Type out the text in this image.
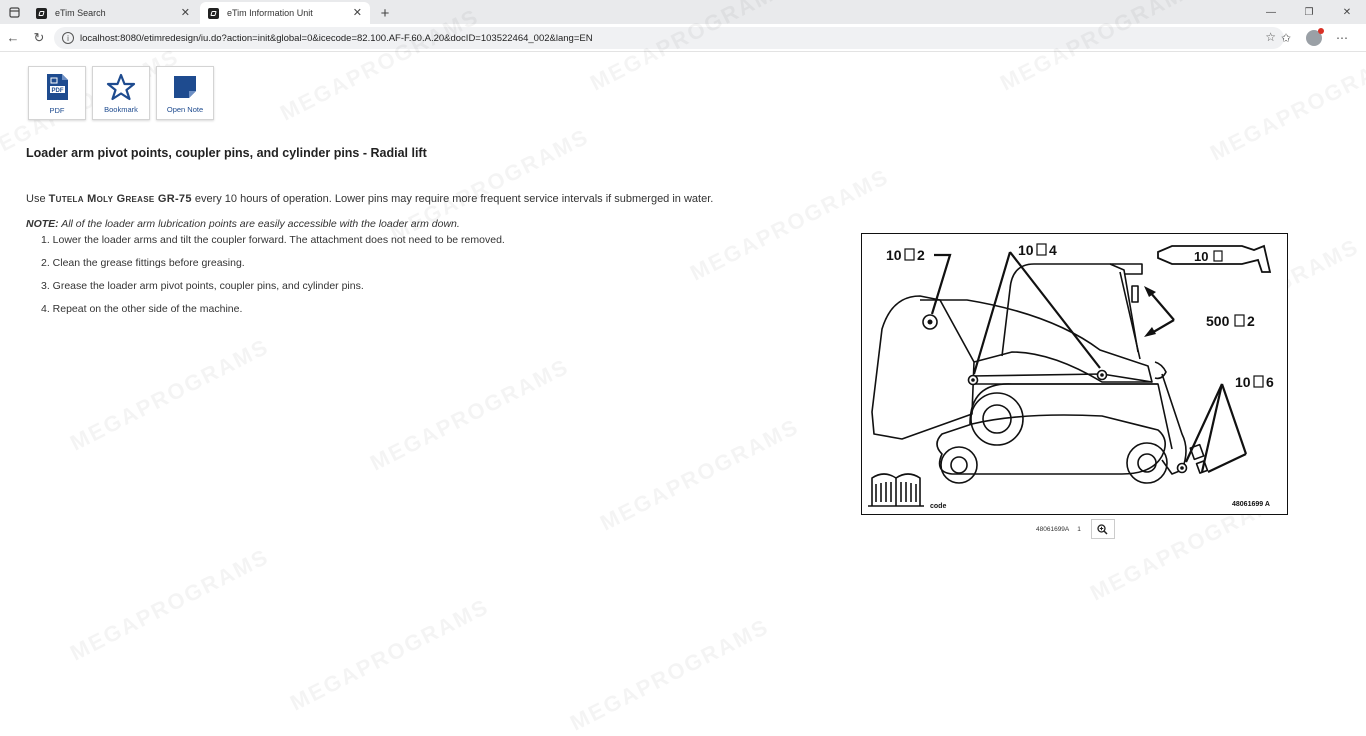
eTim Search	✕	eTim Information Unit	✕	+	—	❐	✕
←	↻	i	localhost:8080/etimredesign/iu.do?action=init&global=0&icecode=82.100.AF-F.60.A.20&docID=103522464_002&lang=EN	☆ ✩	⋯
PDF
PDF	Bookmark	Open Note
Loader arm pivot points, coupler pins, and cylinder pins - Radial lift

Use Tutela Moly Grease GR-75 every 10 hours of operation. Lower pins may require more frequent service intervals if submerged in water.

NOTE: All of the loader arm lubrication points are easily accessible with the loader arm down.

1. Lower the loader arms and tilt the coupler forward. The attachment does not need to be removed.
2. Clean the grease fittings before greasing.
3. Grease the loader arm pivot points, coupler pins, and cylinder pins.
4. Repeat on the other side of the machine.
10 2	10 4	10
500 2
10 6
code	48061699 A
48061699A 1
